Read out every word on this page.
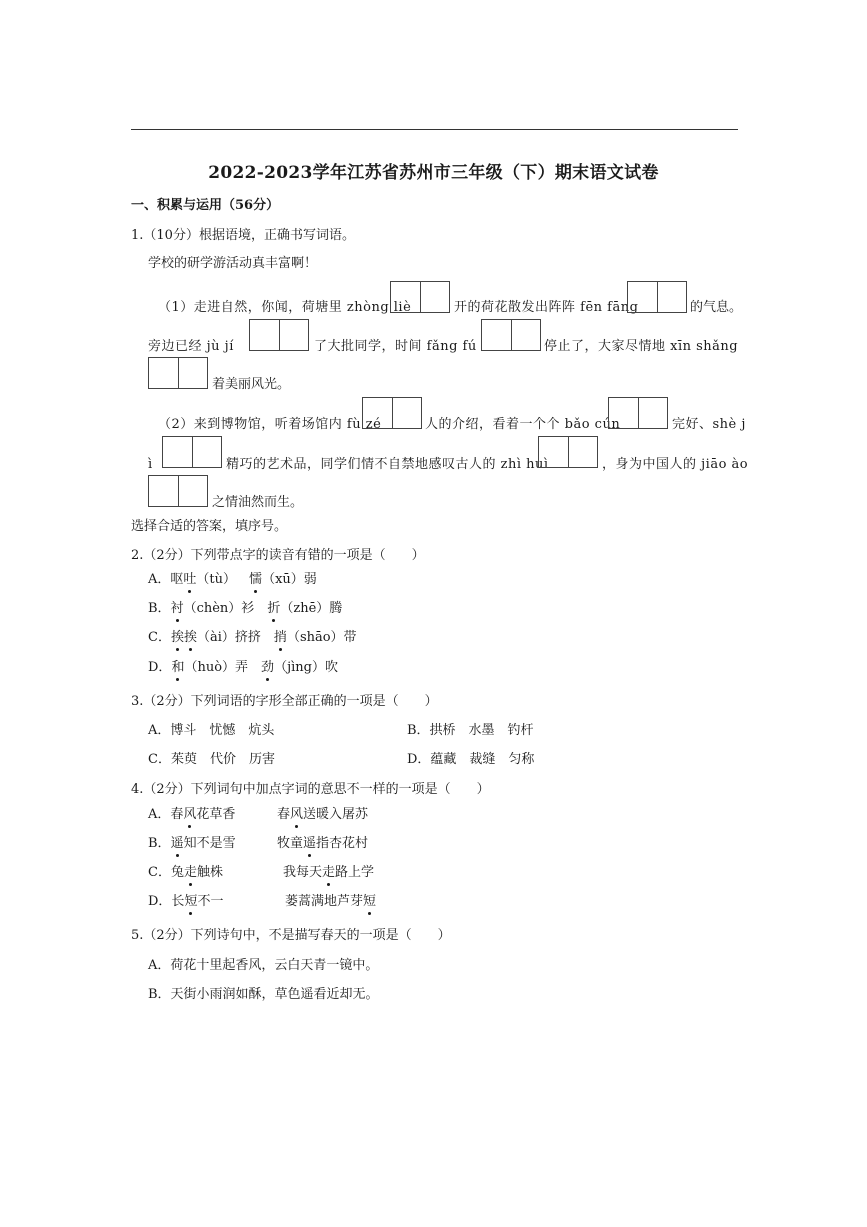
2022-2023学年江苏省苏州市三年级（下）期末语文试卷
一、积累与运用（56分）
1.（10分）根据语境，正确书写词语。
学校的研学游活动真丰富啊！
（1）走进自然，你闻，荷塘里 zhòng liè	开的荷花散发出阵阵 fēn fāng	的气息。
旁边已经 jù jí	了大批同学，时间 fǎng fú	停止了，大家尽情地 xīn shǎng
着美丽风光。
（2）来到博物馆，听着场馆内 fù zé	人的介绍，看着一个个 bǎo cún	完好、shè j
ì	精巧的艺术品，同学们情不自禁地感叹古人的 zhì huì	，身为中国人的 jiāo ào
之情油然而生。
选择合适的答案，填序号。
2.（2分）下列带点字的读音有错的一项是（　　）
A．呕吐（tù）　 懦（xū）弱
B．衬（chèn）衫　 折（zhē）腾
C．挨挨（ài）挤挤　 捎（shāo）带
D．和（huò）弄　 劲（jìng）吹
3.（2分）下列词语的字形全部正确的一项是（　　）
A．博斗　忧憾　炕头	B．拱桥　水墨　钓杆
C．茱萸　代价　历害	D．蕴藏　裁缝　匀称
4.（2分）下列词句中加点字词的意思不一样的一项是（　　）
A．春风花草香	春风送暖入屠苏
B．遥知不是雪	牧童遥指杏花村
C．兔走触株	我每天走路上学
D．长短不一	蒌蒿满地芦芽短
5.（2分）下列诗句中，不是描写春天的一项是（　　）
A．荷花十里起香风，云白天青一镜中。
B．天街小雨润如酥，草色遥看近却无。
